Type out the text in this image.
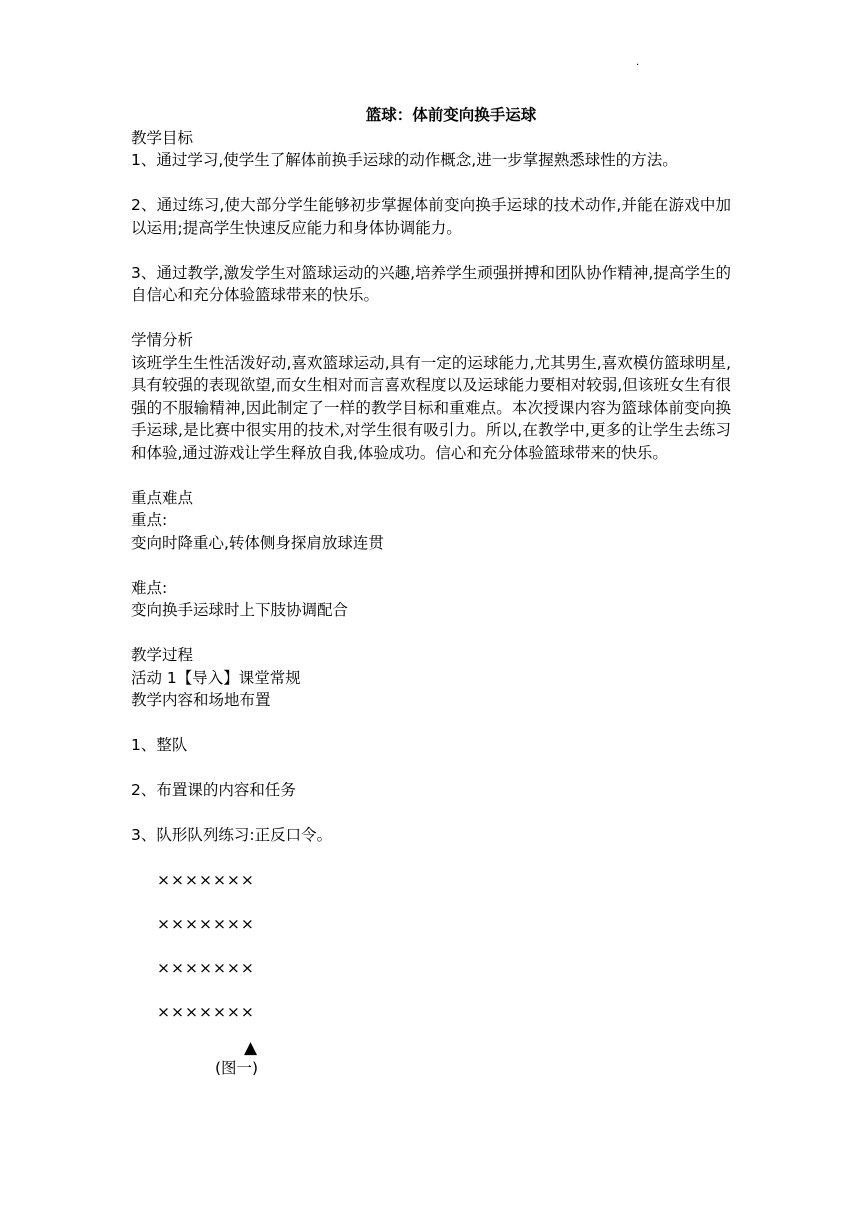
.
篮球：体前变向换手运球

教学目标

1、通过学习,使学生了解体前换手运球的动作概念,进一步掌握熟悉球性的方法。

2、通过练习,使大部分学生能够初步掌握体前变向换手运球的技术动作,并能在游戏中加以运用;提高学生快速反应能力和身体协调能力。

3、通过教学,激发学生对篮球运动的兴趣,培养学生顽强拼搏和团队协作精神,提高学生的自信心和充分体验篮球带来的快乐。

学情分析

该班学生生性活泼好动,喜欢篮球运动,具有一定的运球能力,尤其男生,喜欢模仿篮球明星,具有较强的表现欲望,而女生相对而言喜欢程度以及运球能力要相对较弱,但该班女生有很强的不服输精神,因此制定了一样的教学目标和重难点。本次授课内容为篮球体前变向换手运球,是比赛中很实用的技术,对学生很有吸引力。所以,在教学中,更多的让学生去练习和体验,通过游戏让学生释放自我,体验成功。信心和充分体验篮球带来的快乐。

重点难点

重点:

变向时降重心,转体侧身探肩放球连贯

难点:

变向换手运球时上下肢协调配合

教学过程

活动 1【导入】课堂常规

教学内容和场地布置

1、整队

2、布置课的内容和任务

3、队形队列练习:正反口令。

×××××××
×××××××
×××××××
×××××××
▲
(图一)
